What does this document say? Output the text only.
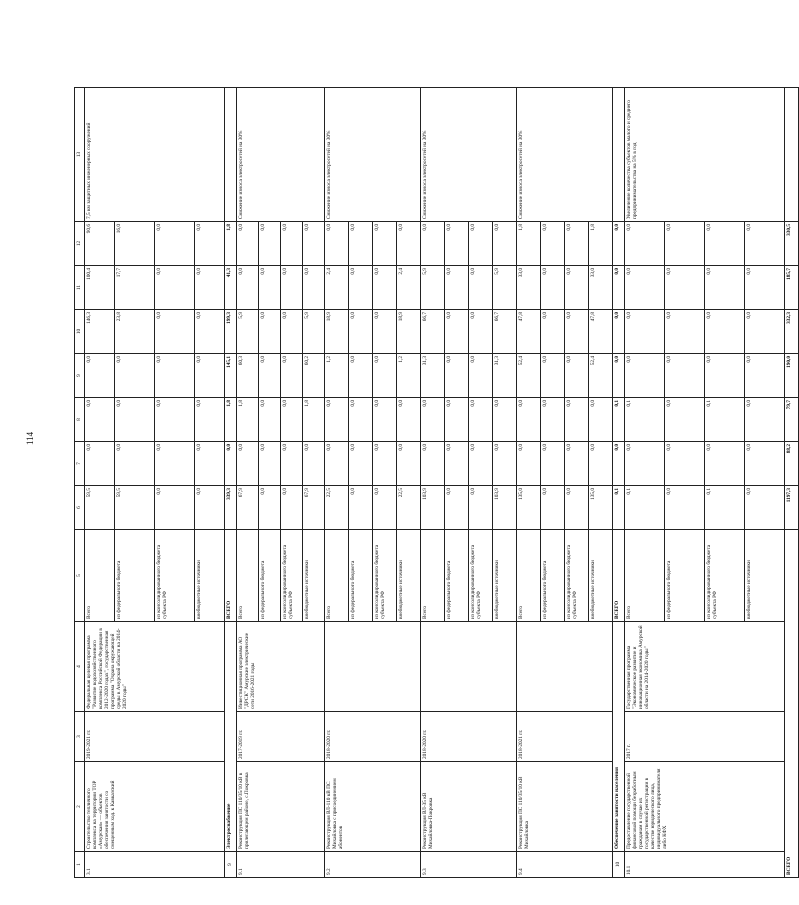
114
1	2	3	4	5	6	7	8	9	10	11	12	13
3.1	Строительство тепличного комплекса на территории ТОР «Амурская» — объектов обеспечения занятости со смещенным ход. к Кавказский	2019-2021 гг.	Федеральная целевая программа "Развитие водохозяйственного комплекса Российской Федерации в 2012-2020 годах", государственная программа "Охрана окружающей среды в Амурской области на 2014-2020 годы"	Всего	59,5	0,0	0,0	0,0	146,3	100,4	90,6	7,5 км защитных инженерных сооружений
				из федерального бюджета	59,5	0,0	0,0	0,0	23,8	17,7	16,0	
				из консолидированного бюджета субъекта РФ	0,0	0,0	0,0	0,0	0,0	0,0	0,0	
				внебюджетные источники	0,0	0,0	0,0	0,0	0,0	0,0	0,0	
9	Электроснабжение			ВСЕГО	339,3	0,0	1,8	145,1	199,3	41,3	1,8	
9.1	Реконструкция ПС 110/35/10 кВ в прилегающем районе, с.Покровка	2017-2019 гг.	Инвестиционная программа АО "ДРСК" Амурские электрические сети 2016-2021 годы	Всего	67,9	0,0	1,8	60,3	5,9	0,0	0,0	Снижение износа электросетей на 30%
				из федерального бюджета	0,0	0,0	0,0	0,0	0,0	0,0	0,0	
				из консолидированного бюджета субъекта РФ	0,0	0,0	0,0	0,0	0,0	0,0	0,0	
				внебюджетные источники	67,9	0,0	1,8	60,2	5,9	0,0	0,0	
9.2	Реконструкция ВЛ-110 кВ ПС Михайловка с присоединением абонентов	2018-2020 гг.		Всего	22,5	0,0	0,0	1,2	18,9	2,4	0,0	Снижение износа электросетей на 30%
				из федерального бюджета	0,0	0,0	0,0	0,0	0,0	0,0	0,0	
				из консолидированного бюджета субъекта РФ	0,0	0,0	0,0	0,0	0,0	0,0	0,0	
				внебюджетные источники	22,5	0,0	0,0	1,2	18,9	2,4	0,0	
9.3	Реконструкция ВЛ-35 кВ Михайловка-Покровка	2018-2020 гг.		Всего	103,9	0,0	0,0	31,3	66,7	5,9	0,0	Снижение износа электросетей на 30%
				из федерального бюджета	0,0	0,0	0,0	0,0	0,0	0,0	0,0	
				из консолидированного бюджета субъекта РФ	0,0	0,0	0,0	0,0	0,0	0,0	0,0	
				внебюджетные источники	103,9	0,0	0,0	31,3	66,7	5,9	0,0	
9.4	Реконструкция ПС 110/35/10 кВ Михайловка	2018-2021 гг.		Всего	135,0	0,0	0,0	52,4	47,8	33,0	1,8	Снижение износа электросетей на 30%
				из федерального бюджета	0,0	0,0	0,0	0,0	0,0	0,0	0,0	
				из консолидированного бюджета субъекта РФ	0,0	0,0	0,0	0,0	0,0	0,0	0,0	
				внебюджетные источники	135,0	0,0	0,0	52,4	47,8	33,0	1,8	
10	Обеспечение занятости населения			ВСЕГО	0,1	0,0	0,1	0,0	0,0	0,0	0,0	
10.1	Предоставление государственной финансовой помощи безработным гражданам в случае их государственной регистрации в качестве юридического лица, индивидуального предпринимателя либо КФХ	2017 г.	Государственная программа "Экономическое развитие и инновационная экономика Амурской области на 2014-2020 годы"	Всего	0,1	0,0	0,1	0,0	0,0	0,0	0,0	Увеличение количества субъектов малого и среднего предпринимательства на 5% в год
				из федерального бюджета	0,0	0,0	0,0	0,0	0,0	0,0	0,0	
				из консолидированного бюджета субъекта РФ	0,1	0,0	0,1	0,0	0,0	0,0	0,0	
				внебюджетные источники	0,0	0,0	0,0	0,0	0,0	0,0	0,0	
ВСЕГО					1197,3	88,2	79,7	190,0	332,3	185,7	330,5	
